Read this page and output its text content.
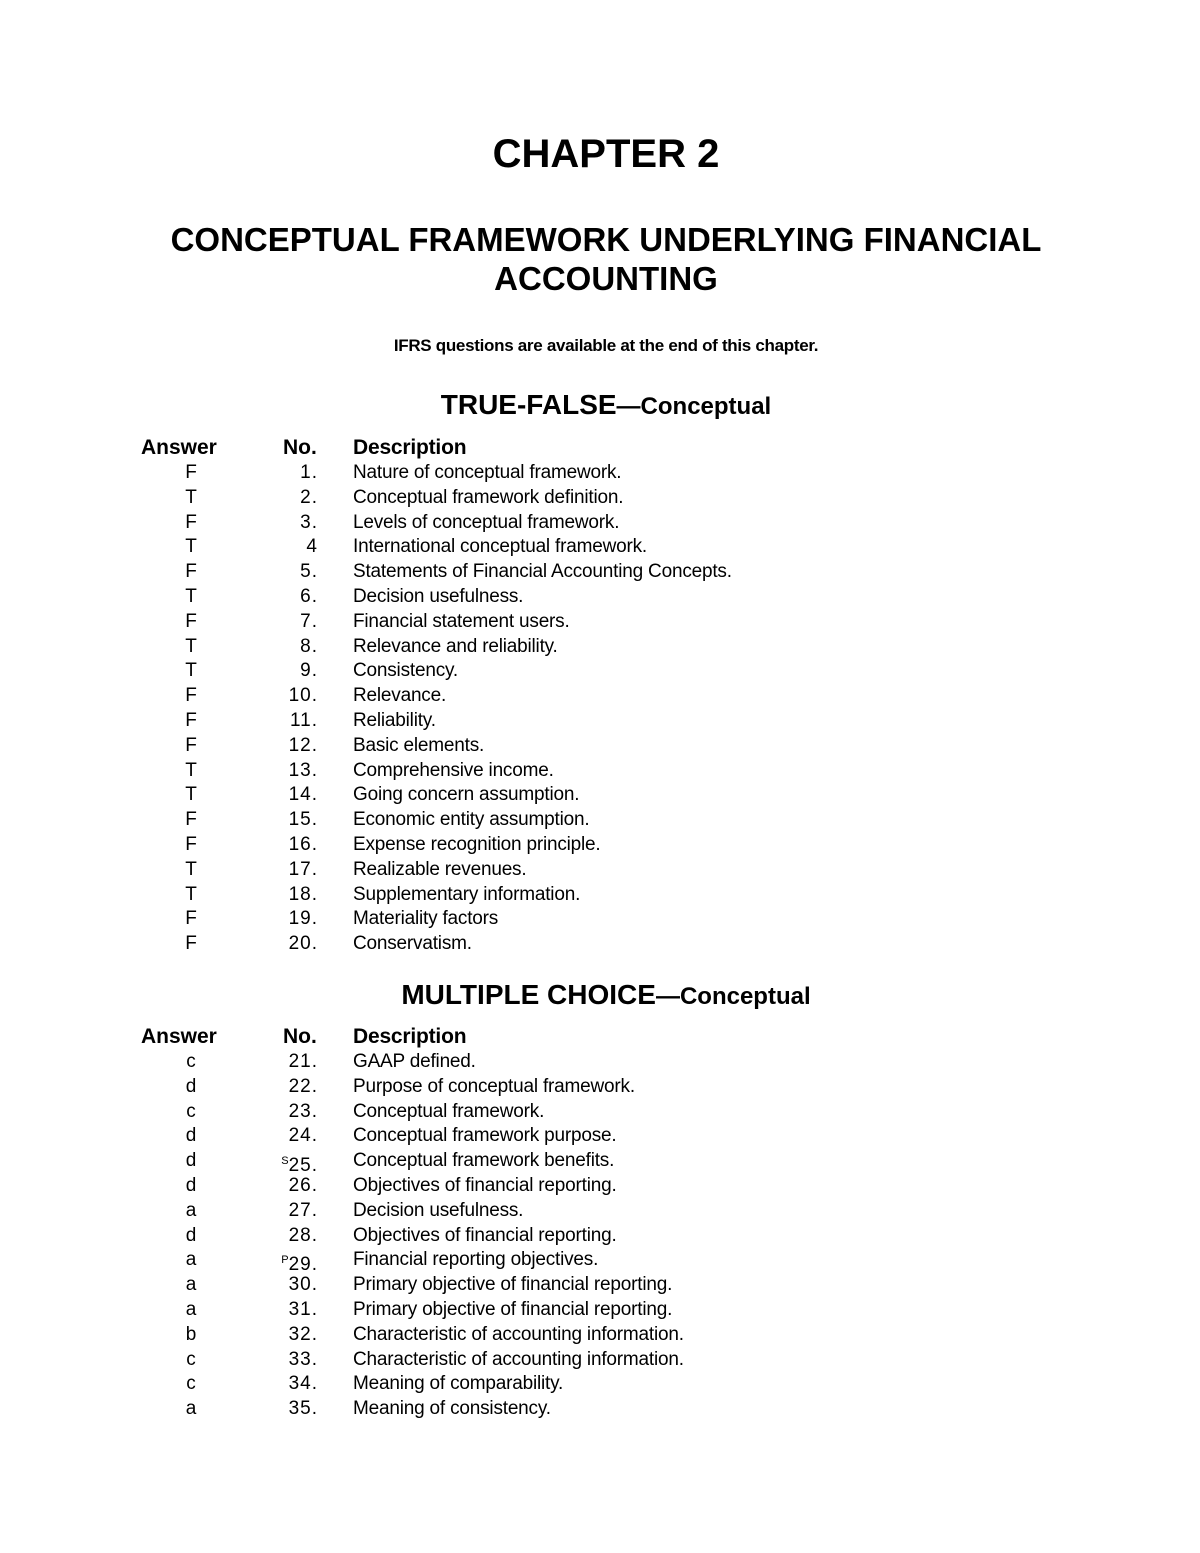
CHAPTER 2
CONCEPTUAL FRAMEWORK UNDERLYING FINANCIAL
ACCOUNTING
IFRS questions are available at the end of this chapter.
TRUE-FALSE—Conceptual
Answer	No. Description
F	1. Nature of conceptual framework.
T	2. Conceptual framework definition.
F	3. Levels of conceptual framework.
T	4 International conceptual framework.
F	5. Statements of Financial Accounting Concepts.
T	6. Decision usefulness.
F	7. Financial statement users.
T	8. Relevance and reliability.
T	9. Consistency.
F	10. Relevance.
F	11. Reliability.
F	12. Basic elements.
T	13. Comprehensive income.
T	14. Going concern assumption.
F	15. Economic entity assumption.
F	16. Expense recognition principle.
T	17. Realizable revenues.
T	18. Supplementary information.
F	19. Materiality factors
F	20. Conservatism.
MULTIPLE CHOICE—Conceptual
Answer	No. Description
c	21. GAAP defined.
d	22. Purpose of conceptual framework.
c	23. Conceptual framework.
d	24. Conceptual framework purpose.
d	$^S$25. Conceptual framework benefits.
d	26. Objectives of financial reporting.
a	27. Decision usefulness.
d	28. Objectives of financial reporting.
a	$^P$29. Financial reporting objectives.
a	30. Primary objective of financial reporting.
a	31. Primary objective of financial reporting.
b	32. Characteristic of accounting information.
c	33. Characteristic of accounting information.
c	34. Meaning of comparability.
a	35. Meaning of consistency.
